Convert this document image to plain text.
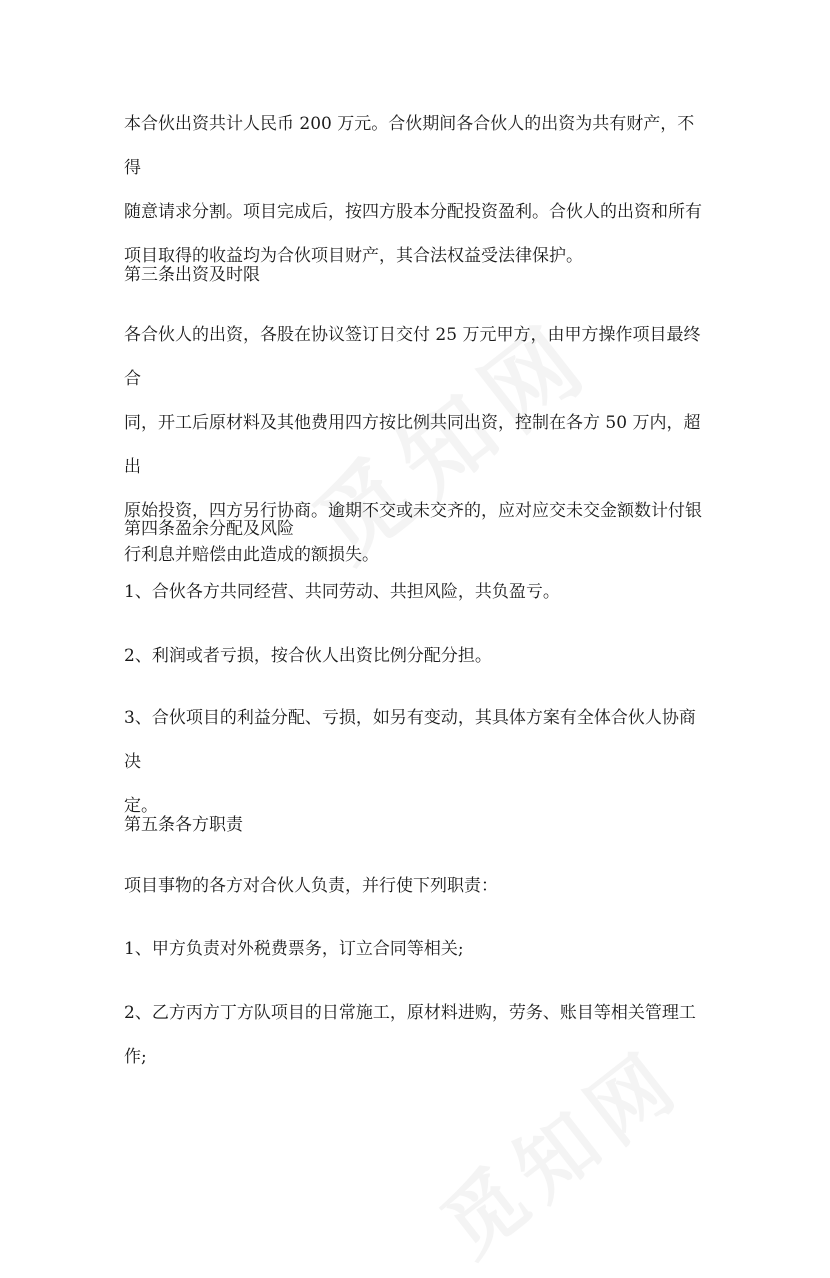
本合伙出资共计人民币 200 万元。合伙期间各合伙人的出资为共有财产，不得
随意请求分割。项目完成后，按四方股本分配投资盈利。合伙人的出资和所有
项目取得的收益均为合伙项目财产，其合法权益受法律保护。

第三条出资及时限

各合伙人的出资，各股在协议签订日交付 25 万元甲方，由甲方操作项目最终合
同，开工后原材料及其他费用四方按比例共同出资，控制在各方 50 万内，超出
原始投资，四方另行协商。逾期不交或未交齐的，应对应交未交金额数计付银
行利息并赔偿由此造成的额损失。

第四条盈余分配及风险

1、合伙各方共同经营、共同劳动、共担风险，共负盈亏。

2、利润或者亏损，按合伙人出资比例分配分担。

3、合伙项目的利益分配、亏损，如另有变动，其具体方案有全体合伙人协商决
定。

第五条各方职责

项目事物的各方对合伙人负责，并行使下列职责：

1、甲方负责对外税费票务，订立合同等相关;

2、乙方丙方丁方队项目的日常施工，原材料进购，劳务、账目等相关管理工
作;
